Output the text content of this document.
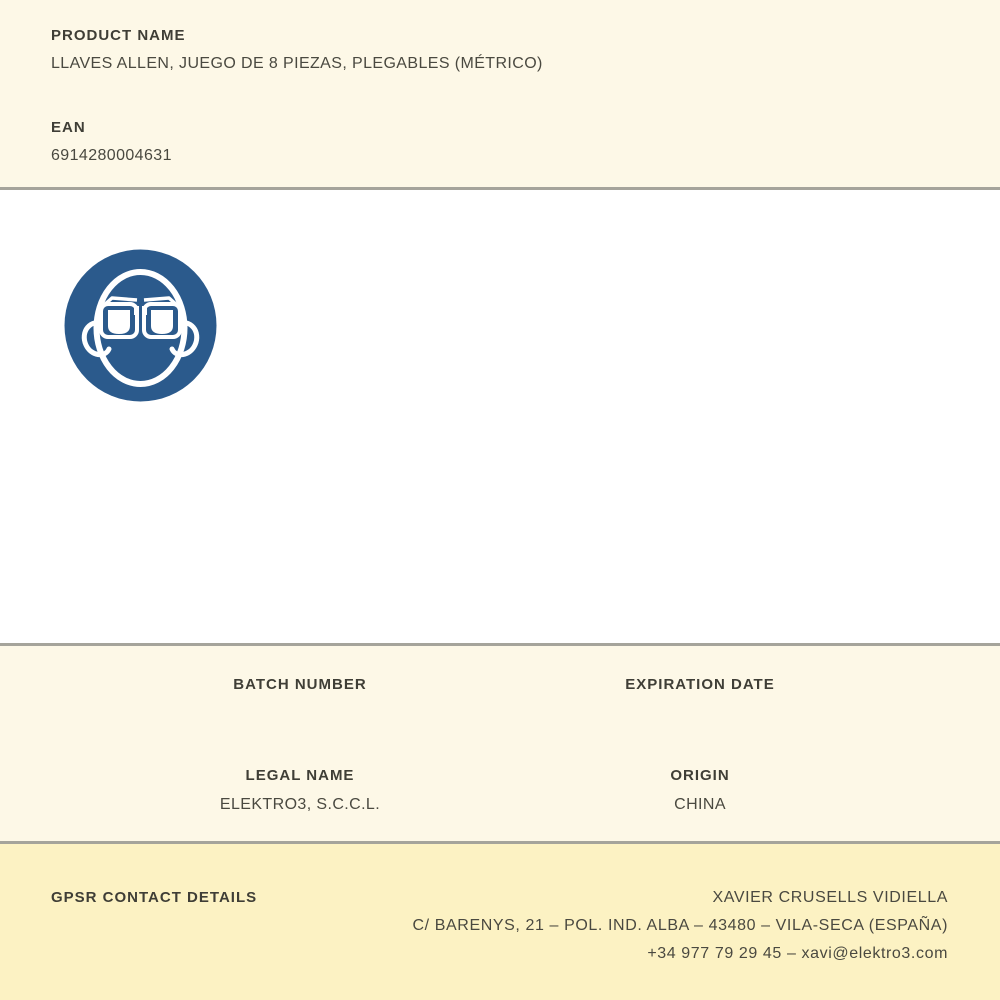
PRODUCT NAME
LLAVES ALLEN, JUEGO DE 8 PIEZAS, PLEGABLES (MÉTRICO)
EAN
6914280004631
BATCH NUMBER	EXPIRATION DATE
LEGAL NAME
ELEKTRO3, S.C.C.L.
ORIGIN
CHINA
GPSR CONTACT DETAILS	XAVIER CRUSELLS VIDIELLA
C/ BARENYS, 21 – POL. IND. ALBA – 43480 – VILA-SECA (ESPAÑA)
+34 977 79 29 45 – xavi@elektro3.com
